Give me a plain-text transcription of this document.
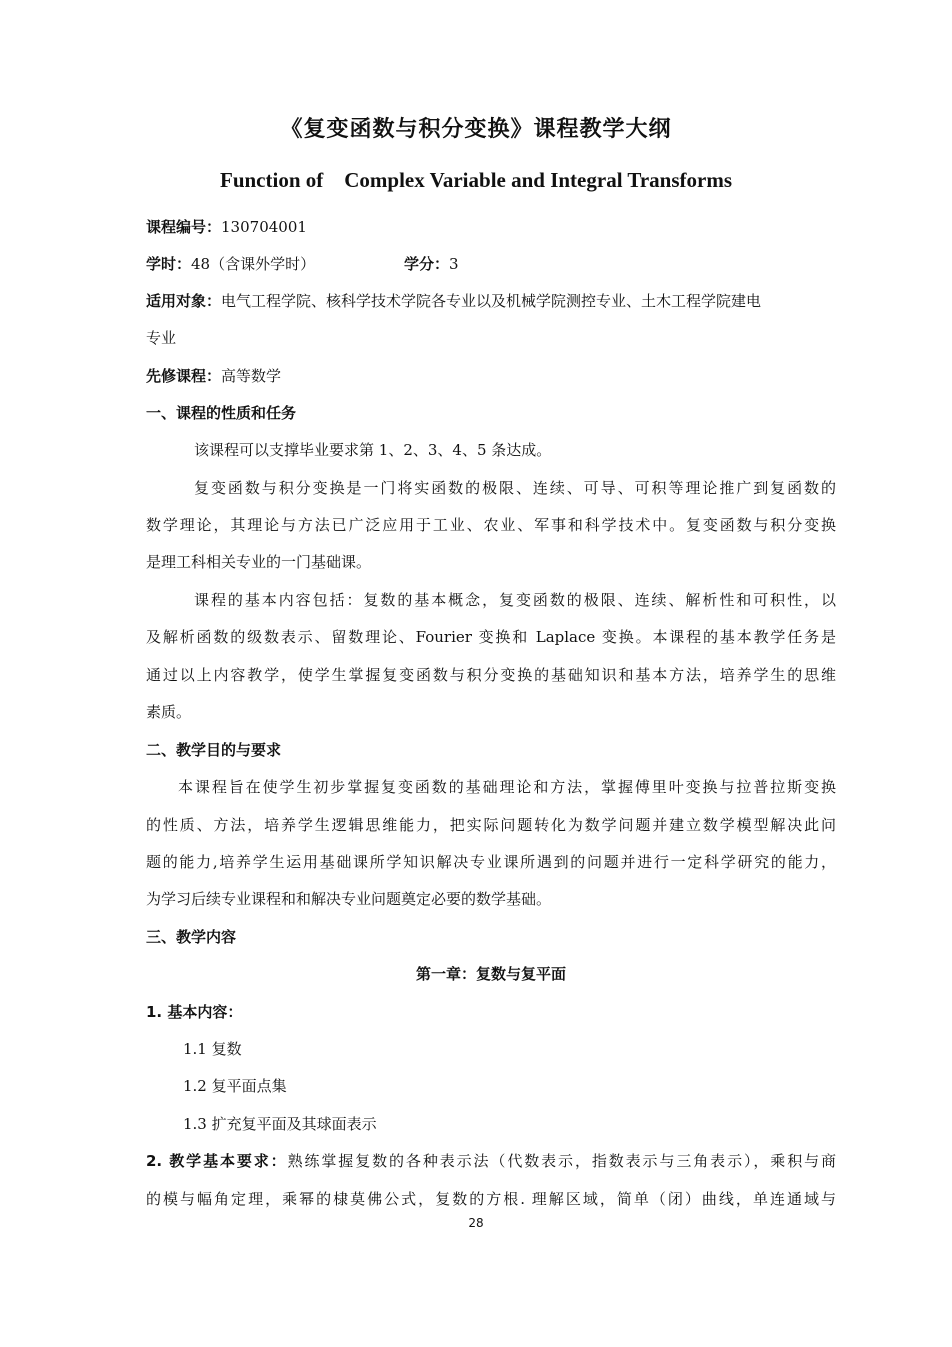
《复变函数与积分变换》课程教学大纲
Function of    Complex Variable and Integral Transforms
课程编号：130704001
学时：48（含课外学时）	学分：3
适用对象：电气工程学院、核科学技术学院各专业以及机械学院测控专业、土木工程学院建电
专业
先修课程：高等数学
一、课程的性质和任务
该课程可以支撑毕业要求第 1、2、3、4、5 条达成。
复变函数与积分变换是一门将实函数的极限、连续、可导、可积等理论推广到复函数的
数学理论，其理论与方法已广泛应用于工业、农业、军事和科学技术中。复变函数与积分变换
是理工科相关专业的一门基础课。
课程的基本内容包括：复数的基本概念，复变函数的极限、连续、解析性和可积性，以
及解析函数的级数表示、留数理论、Fourier 变换和 Laplace 变换。本课程的基本教学任务是
通过以上内容教学，使学生掌握复变函数与积分变换的基础知识和基本方法，培养学生的思维
素质。
二、教学目的与要求
本课程旨在使学生初步掌握复变函数的基础理论和方法，掌握傅里叶变换与拉普拉斯变换
的性质、方法，培养学生逻辑思维能力，把实际问题转化为数学问题并建立数学模型解决此问
题的能力,培养学生运用基础课所学知识解决专业课所遇到的问题并进行一定科学研究的能力，
为学习后续专业课程和和解决专业问题奠定必要的数学基础。
三、教学内容
第一章：复数与复平面
1. 基本内容：
1.1 复数
1.2 复平面点集
1.3 扩充复平面及其球面表示
2. 教学基本要求：熟练掌握复数的各种表示法（代数表示，指数表示与三角表示），乘积与商
的模与幅角定理，乘幂的棣莫佛公式，复数的方根. 理解区域，简单（闭）曲线，单连通域与
28
